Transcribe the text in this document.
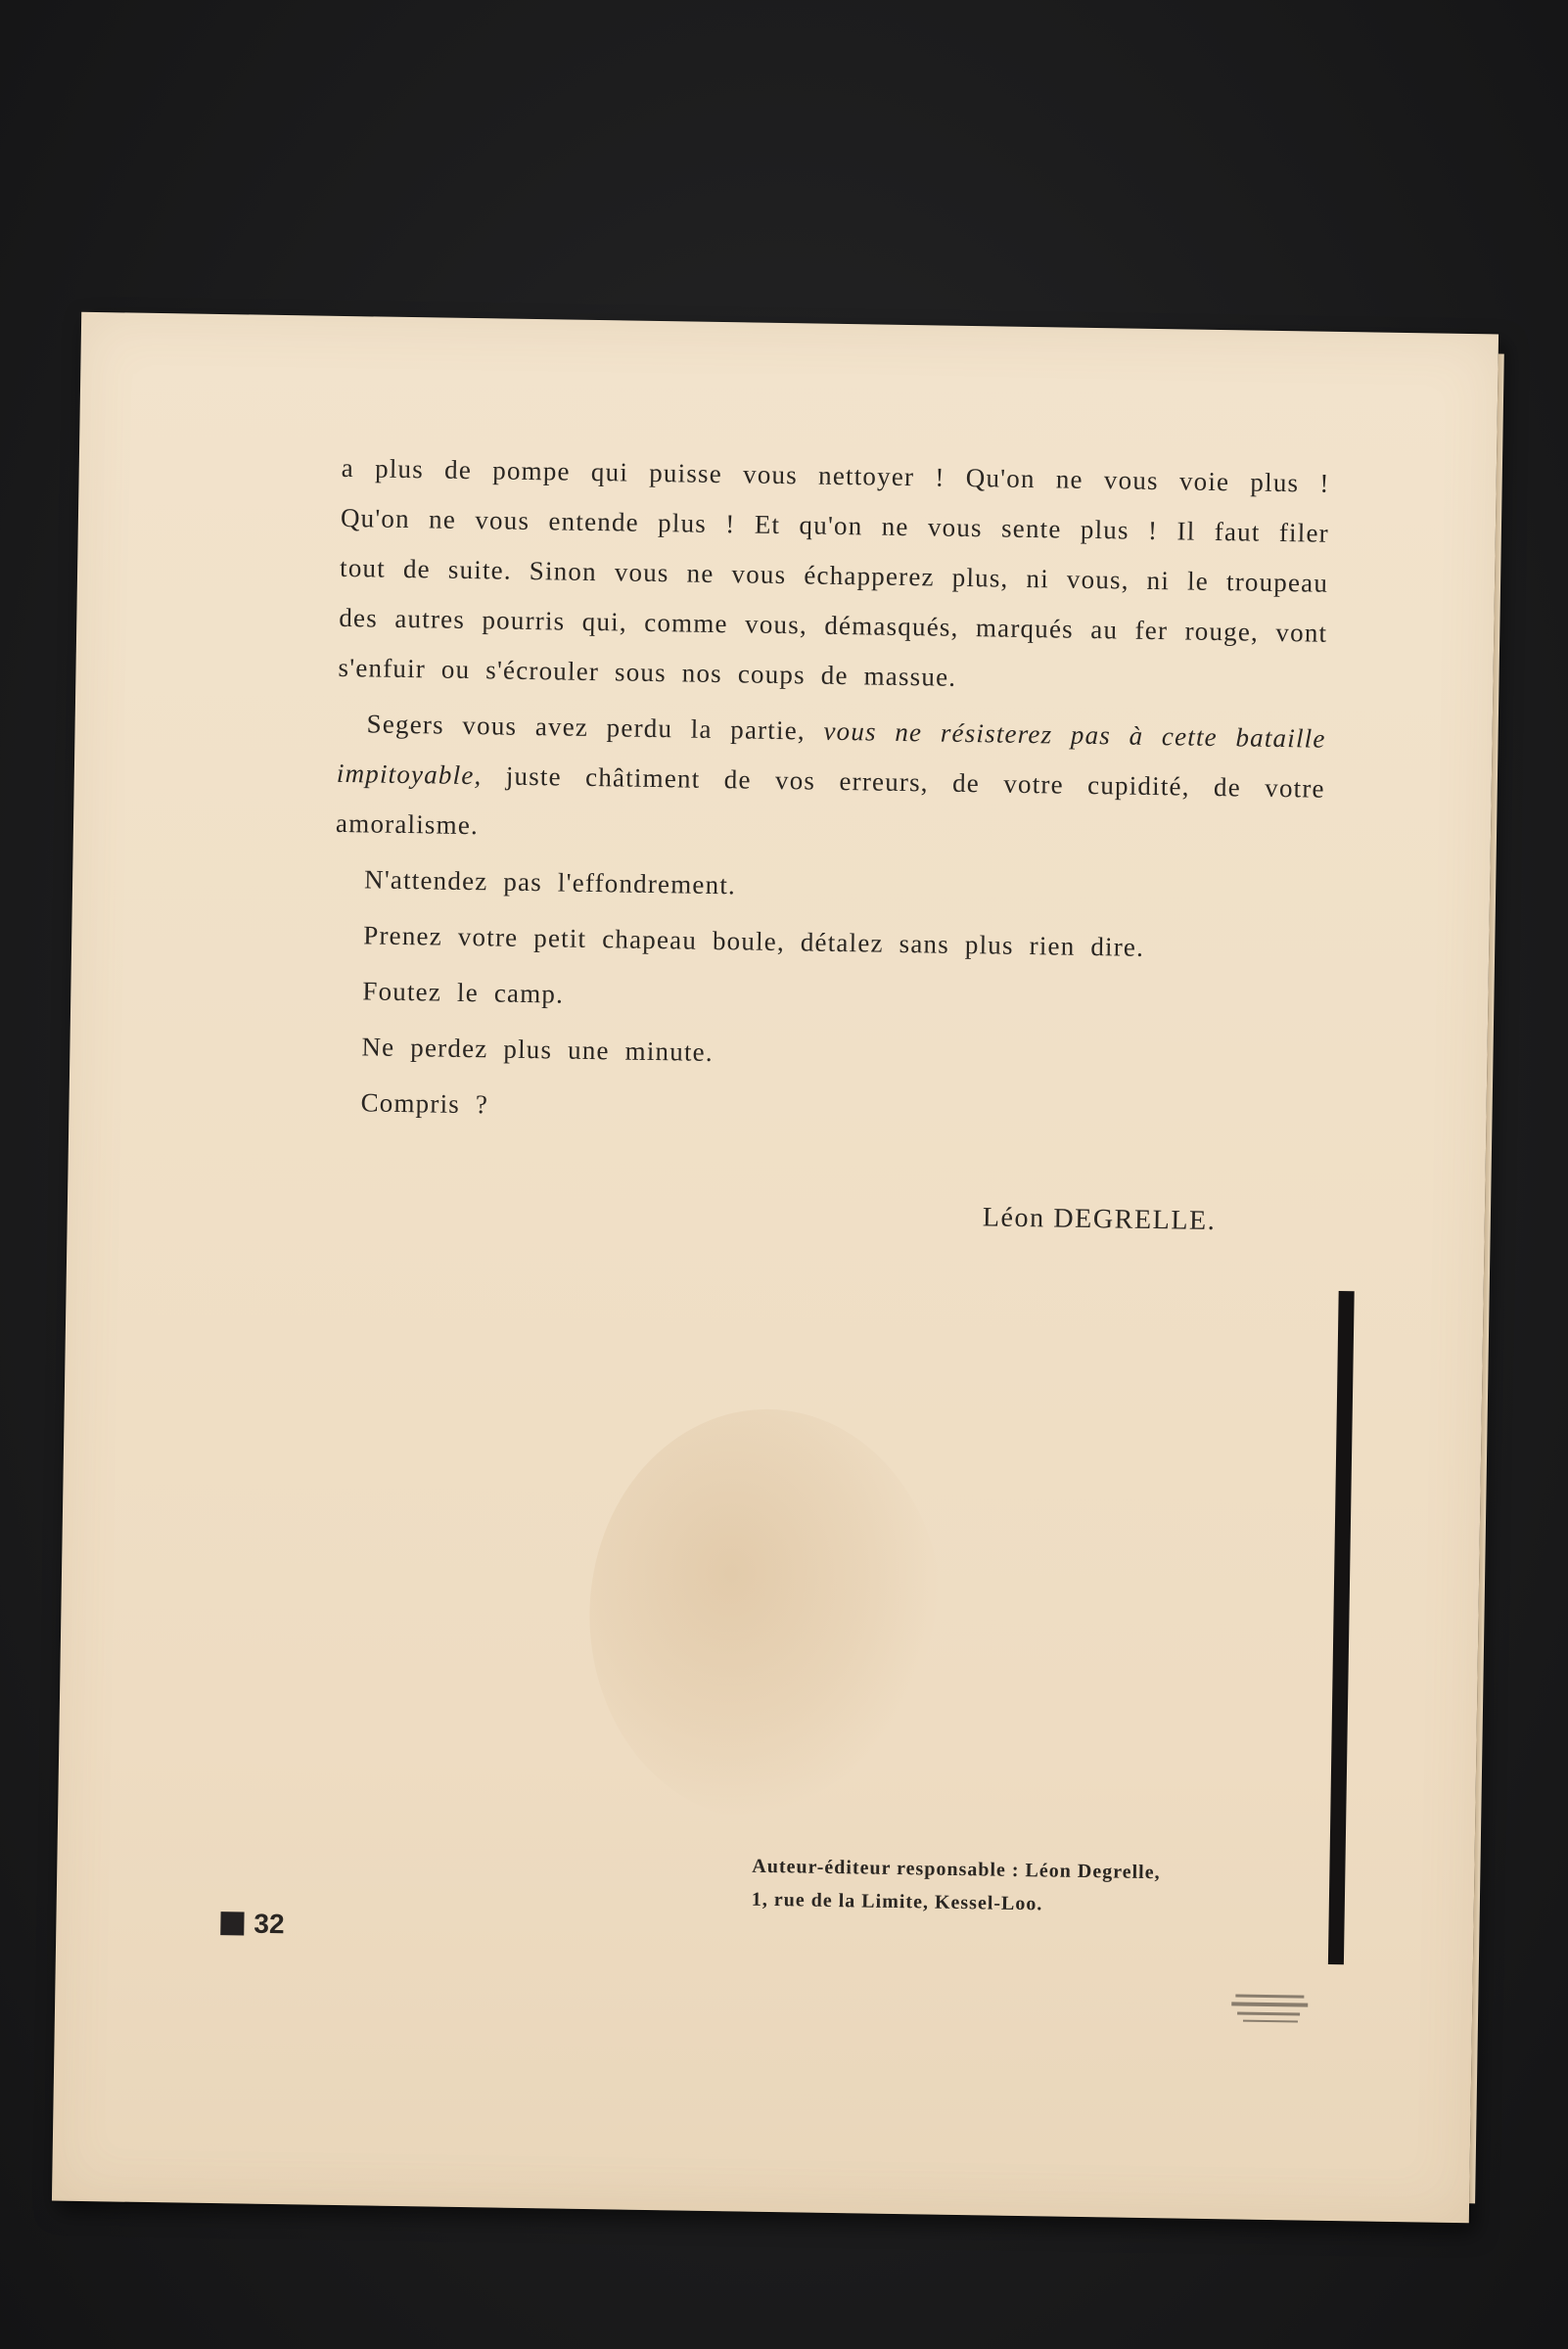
a plus de pompe qui puisse vous nettoyer ! Qu'on ne vous voie plus ! Qu'on ne vous entende plus ! Et qu'on ne vous sente plus ! Il faut filer tout de suite. Sinon vous ne vous échapperez plus, ni vous, ni le troupeau des autres pourris qui, comme vous, démasqués, marqués au fer rouge, vont s'enfuir ou s'écrouler sous nos coups de massue.

Segers vous avez perdu la partie, vous ne résisterez pas à cette bataille impitoyable, juste châtiment de vos erreurs, de votre cupidité, de votre amoralisme.

N'attendez pas l'effondrement.

Prenez votre petit chapeau boule, détalez sans plus rien dire.

Foutez le camp.

Ne perdez plus une minute.

Compris ?

Léon DEGRELLE.
Auteur-éditeur responsable : Léon Degrelle,
1, rue de la Limite, Kessel-Loo.
32
